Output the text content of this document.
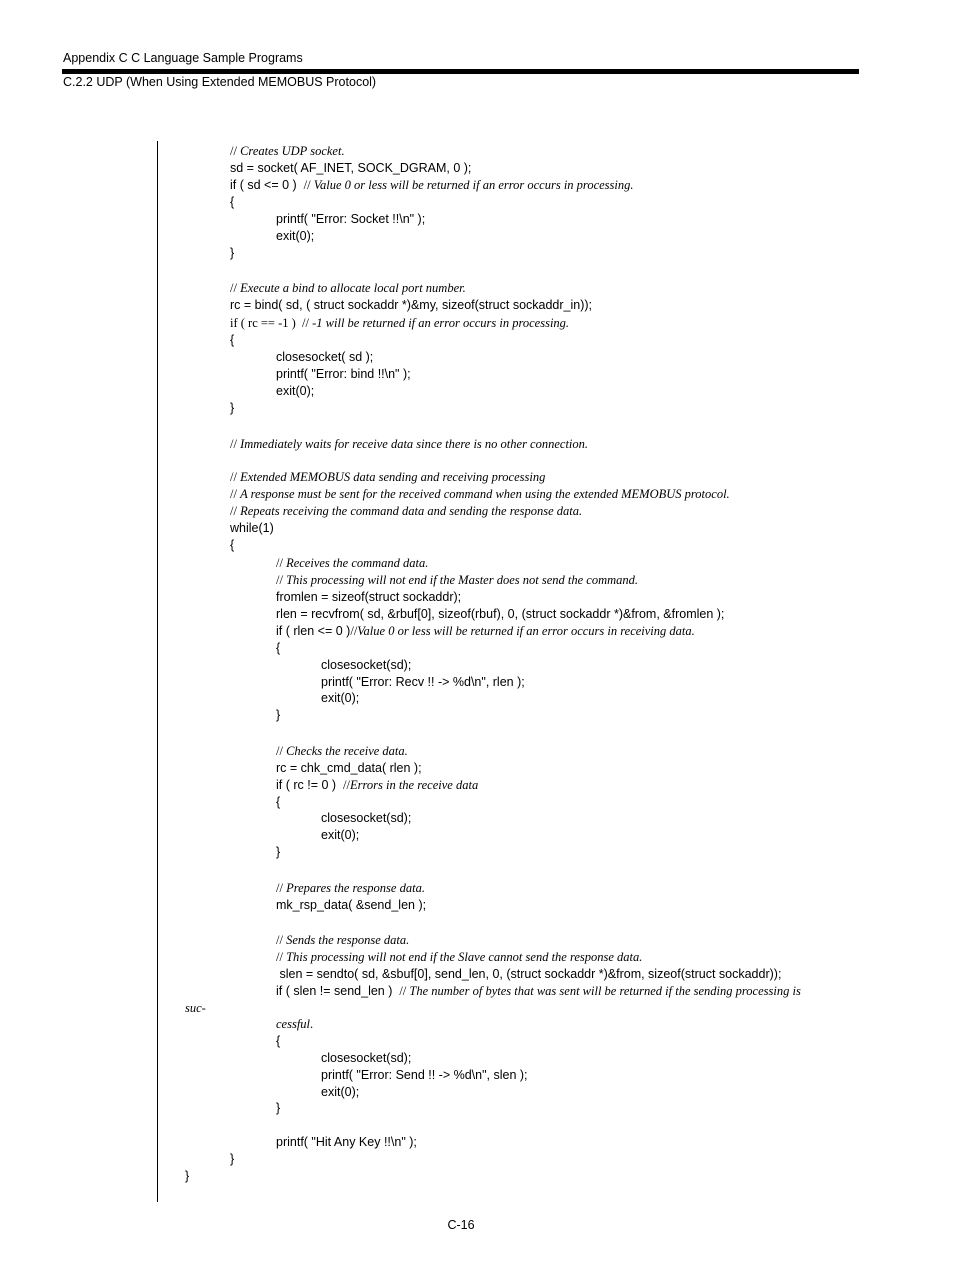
Appendix C C Language Sample Programs
C.2.2 UDP (When Using Extended MEMOBUS Protocol)
// Creates UDP socket.
sd = socket( AF_INET, SOCK_DGRAM, 0 );
if ( sd <= 0 )  // Value 0 or less will be returned if an error occurs in processing.
{
printf( "Error: Socket !!\n" );
exit(0);
}
// Execute a bind to allocate local port number.
rc = bind( sd, ( struct sockaddr *)&my, sizeof(struct sockaddr_in));
if ( rc == -1 )  // -1 will be returned if an error occurs in processing.
{
closesocket( sd );
printf( "Error: bind !!\n" );
exit(0);
}
// Immediately waits for receive data since there is no other connection.
// Extended MEMOBUS data sending and receiving processing
// A response must be sent for the received command when using the extended MEMOBUS protocol.
// Repeats receiving the command data and sending the response data.
while(1)
{
// Receives the command data.
// This processing will not end if the Master does not send the command.
fromlen = sizeof(struct sockaddr);
rlen = recvfrom( sd, &rbuf[0], sizeof(rbuf), 0, (struct sockaddr *)&from, &fromlen );
if ( rlen <= 0 )//Value 0 or less will be returned if an error occurs in receiving data.
{
closesocket(sd);
printf( "Error: Recv !! -> %d\n", rlen );
exit(0);
}
// Checks the receive data.
rc = chk_cmd_data( rlen );
if ( rc != 0 )  //Errors in the receive data
{
closesocket(sd);
exit(0);
}
// Prepares the response data.
mk_rsp_data( &send_len );
// Sends the response data.
// This processing will not end if the Slave cannot send the response data.
slen = sendto( sd, &sbuf[0], send_len, 0, (struct sockaddr *)&from, sizeof(struct sockaddr));
if ( slen != send_len )  // The number of bytes that was sent will be returned if the sending processing is
suc-
cessful.
{
closesocket(sd);
printf( "Error: Send !! -> %d\n", slen );
exit(0);
}
printf( "Hit Any Key !!\n" );
}
}
C-16
